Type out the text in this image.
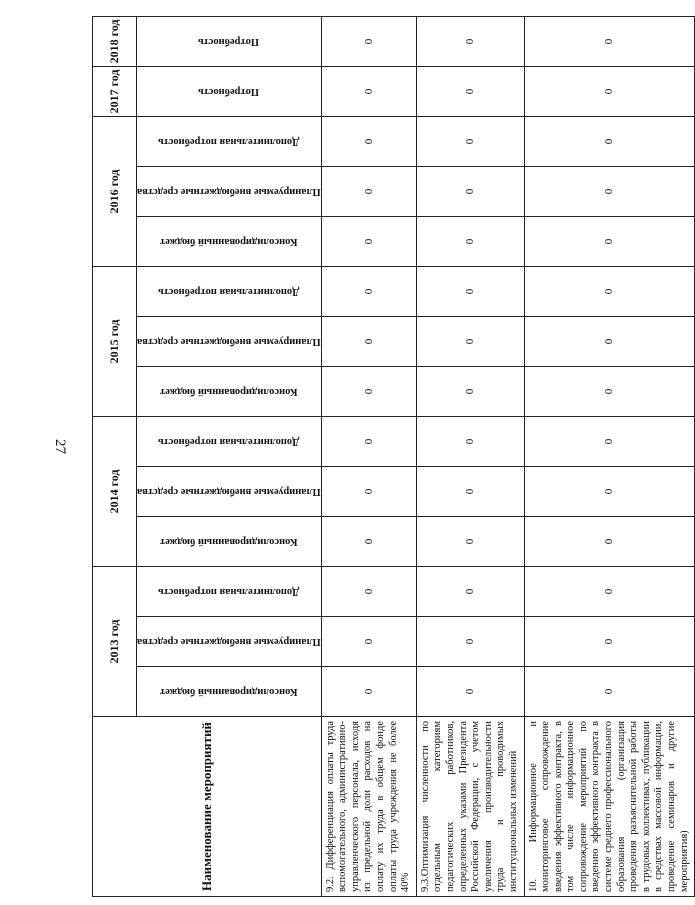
27
Наименование мероприятий	2013 год			2014 год			2015 год			2016 год			2017 год	2018 год

	Консолидированный бюджет	Планируемые внебюджетные средства	Дополнительная потребность	Консолидированный бюджет	Планируемые внебюджетные средства	Дополнительная потребность	Консолидированный бюджет	Планируемые внебюджетные средства	Дополнительная потребность	Консолидированный бюджет	Планируемые внебюджетные средства	Дополнительная потребность	Потребность	Потребность

9.2. Дифференциация оплаты труда вспомогательного, административно-управленческого персонала, исходя из предельной доли расходов на оплату их труда в общем фонде оплаты труда учреждения не более 40%	0	0	0	0	0	0	0	0	0	0	0	0	0	0
9.3.Оптимизация численности по отдельным категориям педагогических работников, определенных указами Президента Российской Федерации, с учетом увеличения производительности труда и проводимых институциональных изменений	0	0	0	0	0	0	0	0	0	0	0	0	0	0
10. Информационное и мониторинговое сопровождение введения эффективного контракта, в том числе информационное сопровождение мероприятий по введению эффективного контракта в системе среднего профессионального образования (организация проведения разъяснительной работы в трудовых коллективах, публикации в средствах массовой информации, проведение семинаров и другие мероприятия)	0	0	0	0	0	0	0	0	0	0	0	0	0	0
